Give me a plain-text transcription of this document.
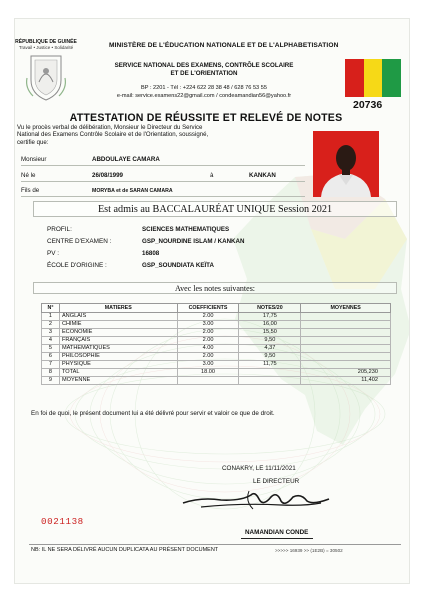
RÉPUBLIQUE DE GUINÉE
Travail • Justice • Solidarité	MINISTÈRE DE L'ÉDUCATION NATIONALE ET DE L'ALPHABETISATION
SERVICE NATIONAL DES EXAMENS, CONTRÔLE SCOLAIRE
ET DE L'ORIENTATION
BP : 2201 - Tél : +224 622 28 38 48 / 628 76 53 55
e-mail: service.examens22@gmail.com / condeamandian56@yahoo.fr
20736
ATTESTATION DE RÉUSSITE ET RELEVÉ DE NOTES
Vu le procès verbal de délibération, Monsieur le Directeur du Service
National des Examens Contrôle Scolaire et de l'Orientation, soussigné,
certifie que:
Monsieur	ABDOULAYE CAMARA
Né le	26/08/1999	à	KANKAN
Fils de	MORYBA et de SARAN CAMARA
Est admis au BACCALAURÉAT UNIQUE Session 2021
PROFIL:	SCIENCES MATHEMATIQUES
CENTRE D'EXAMEN :	GSP_NOURDINE ISLAM / KANKAN
PV :	16808
ÉCOLE D'ORIGINE :	GSP_SOUNDIATA KEÏTA
Avec les notes suivantes:
N°	MATIERES	COEFFICIENTS	NOTES/20	MOYENNES
1	ANGLAIS	2.00	17,75	
2	CHIMIE	3.00	16,00	
3	ECONOMIE	2.00	15,50	
4	FRANÇAIS	2.00	9,50	
5	MATHEMATIQUES	4.00	4,37	
6	PHILOSOPHIE	2.00	9,50	
7	PHYSIQUE	3.00	11,75	
8	TOTAL	18.00		205,230
9	MOYENNE			11,402
En foi de quoi, le présent document lui a été délivré pour servir et valoir ce que de droit.
CONAKRY, LE 11/11/2021
LE DIRECTEUR
NAMANDIAN CONDE
0021138
NB: IL NE SERA DÉLIVRÉ AUCUN DUPLICATA AU PRÉSENT DOCUMENT	>>>>> 16939 >> (1E2B) = 30502
